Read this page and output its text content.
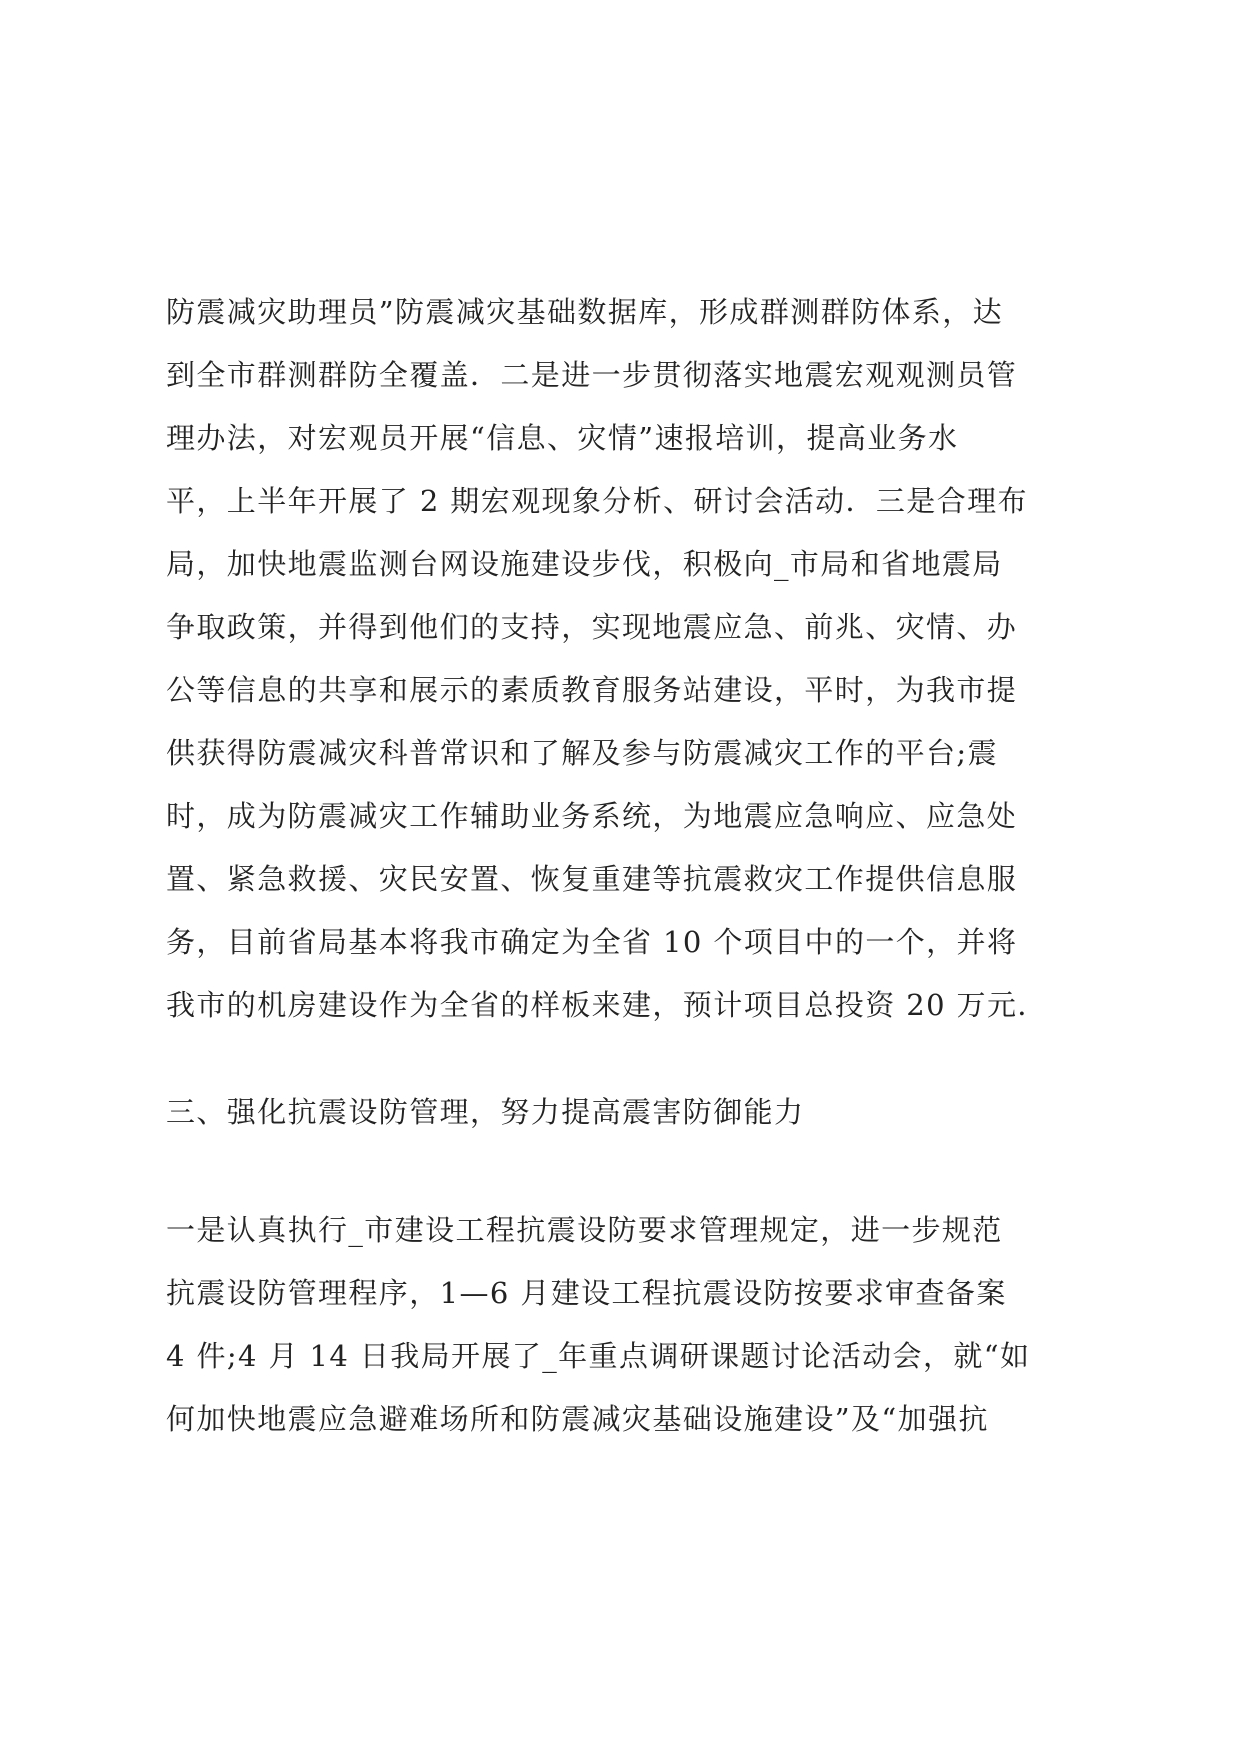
防震减灾助理员”防震减灾基础数据库，形成群测群防体系，达
到全市群测群防全覆盖．二是进一步贯彻落实地震宏观观测员管
理办法，对宏观员开展“信息、灾情”速报培训，提高业务水
平，上半年开展了 2 期宏观现象分析、研讨会活动．三是合理布
局，加快地震监测台网设施建设步伐，积极向_市局和省地震局
争取政策，并得到他们的支持，实现地震应急、前兆、灾情、办
公等信息的共享和展示的素质教育服务站建设，平时，为我市提
供获得防震减灾科普常识和了解及参与防震减灾工作的平台;震
时，成为防震减灾工作辅助业务系统，为地震应急响应、应急处
置、紧急救援、灾民安置、恢复重建等抗震救灾工作提供信息服
务，目前省局基本将我市确定为全省 10 个项目中的一个，并将
我市的机房建设作为全省的样板来建，预计项目总投资 20 万元．
三、强化抗震设防管理，努力提高震害防御能力
一是认真执行_市建设工程抗震设防要求管理规定，进一步规范
抗震设防管理程序，1—6 月建设工程抗震设防按要求审查备案
4 件;4 月 14 日我局开展了_年重点调研课题讨论活动会，就“如
何加快地震应急避难场所和防震减灾基础设施建设”及“加强抗
